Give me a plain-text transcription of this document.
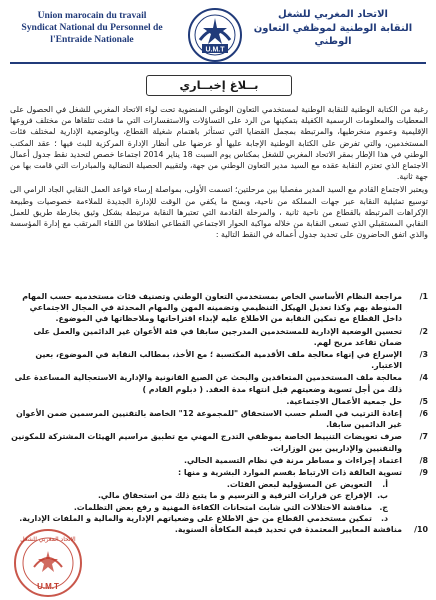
Union marocain du travail
Syndicat National du Personnel de
l'Entraide Nationale
U.M.T
الاتحاد المغربي للشغل
النقابة الوطنية لموظفي التعاون
الوطني
بــلاغ إخبــاري

رغبة من الكتابة الوطنية للنقابة الوطنية لمستخدمي التعاون الوطني المنضوية تحت لواء الاتحاد المغربي للشغل في الحصول على المعطيات والمعلومات الرسمية الكفيلة بتمكينها من الرد على التساؤلات والاستفسارات التي ما فتئت تتلقاها من مختلف فروعها الإقليمية وعموم منخرطيها، والمرتبطة بمجمل القضايا التي تستأثر باهتمام شغيلة القطاع، وبالوضعية الإدارية لمختلف فئات المستخدمين، والتي تفرض على الكتابة الوطنية الإجابة عليها أو عرضها على أنظار الإدارة المركزية للبث فيها ؛ عقد المكتب الوطني في هذا الإطار بمقر الاتحاد المغربي للشغل بمكناس يوم السبت 18 يناير 2014 اجتماعا خصص لتحديد نقط جدول أعمال الاجتماع الذي تعتزم النقابة عقده مع السيد مدير التعاون الوطني من جهة، ولتقييم الحصيلة النضالية والمبادرات التي قامت بها من جهة ثانية.

ويعتبر الاجتماع القادم مع السيد المدير مفصليا بين مرحلتين؛ اتسمت الأولى، بمواصلة إرساء قواعد العمل النقابي الجاد الرامي الى توسيع تمثيلية النقابة عبر جهات المملكة من ناحية، وبمنح ما يكفي من الوقت للإدارة الجديدة للملاءمة خصوصيات وطبيعة الإكراهات المرتبطة بالقطاع من ناحية ثانية ، والمرحلة القادمة التي تعتبرها النقابة مرتبطة بشكل وثيق بخارطة طريق للعمل النقابي المستقبلي الذي تسعى النقابة من خلاله مواكبة الحوار الاجتماعي القطاعي انطلاقا من اللقاء المرتقب مع إدارة المؤسسة والذي اتفق الحاضرون على تحديد جدول أعماله في النقط التالية :

1/
مراجعة النظام الأساسي الخاص بمستخدمي التعاون الوطني وتصنيف فئات مستخدميه حسب المهام المنوطة بهم وكذا تعديل الهيكل التنظيمي وتضمينه المهن والمهام المحدثة في المجال الاجتماعي داخل القطاع مع تمكين النقابة من الاطلاع عليه لإبداء اقتراحاتها وملاحظاتها في الموضوع.
2/
تحسين الوضعية الإدارية للمستخدمين المدرجين سابقا في فئة الأعوان غير الدائمين والعمل على ضمان تقاعد مريح لهم.
3/
الإسراع في إنهاء معالجة ملف الأقدمية المكتسبة ؛ مع الأخذ، بمطالب النقابة في الموضوع، بعين الاعتبار.
4/
معالجة ملف المستخدمين المتعاقدين والبحث عن الصيغ القانونية والإدارية الاستعجالية المساعدة على ذلك من أجل تسوية وضعيتهم قبل انتهاء مدة العقد. ( دبلوم القادم )
5/
حل جمعية الأعمال الاجتماعية.
6/
إعادة الترتيب في السلم حسب الاستحقاق "للمجموعة 12" الخاصة بالتقنيين المرسمين ضمن الأعوان غير الدائمين سابقا.
7/
صرف تعويضات التنبيط الخاصة بموظفي التدرج المهني مع تطبيق مراسيم الهيئات المشتركة للمكونين والتقنيين والإداريين بين الوزارات.
8/
اعتماد إجراءات و مساطر مرنة في نظام التسمية الحالي.
9/
تسوية العالقة ذات الارتباط بقسم الموارد البشرية و منها :
أ.التعويض عن المسؤولية لبعض الفئات.
ب.الإفراج عن قرارات الترقية و الترسيم و ما يتبع ذلك من استحقاق مالي.
ج.مناقشة الاختلالات التي شابت امتحانات الكفاءة المهنية و رفع بعض التظلمات.
د.تمكين مستخدمي القطاع من حق الاطلاع على وضعياتهم الإدارية والمالية و الملفات الإدارية.
10/
مناقشة المعايير المعتمدة في تحديد قيمة المكافأة السنوية.
الاتحاد المغربي للشغل
U.M.T
